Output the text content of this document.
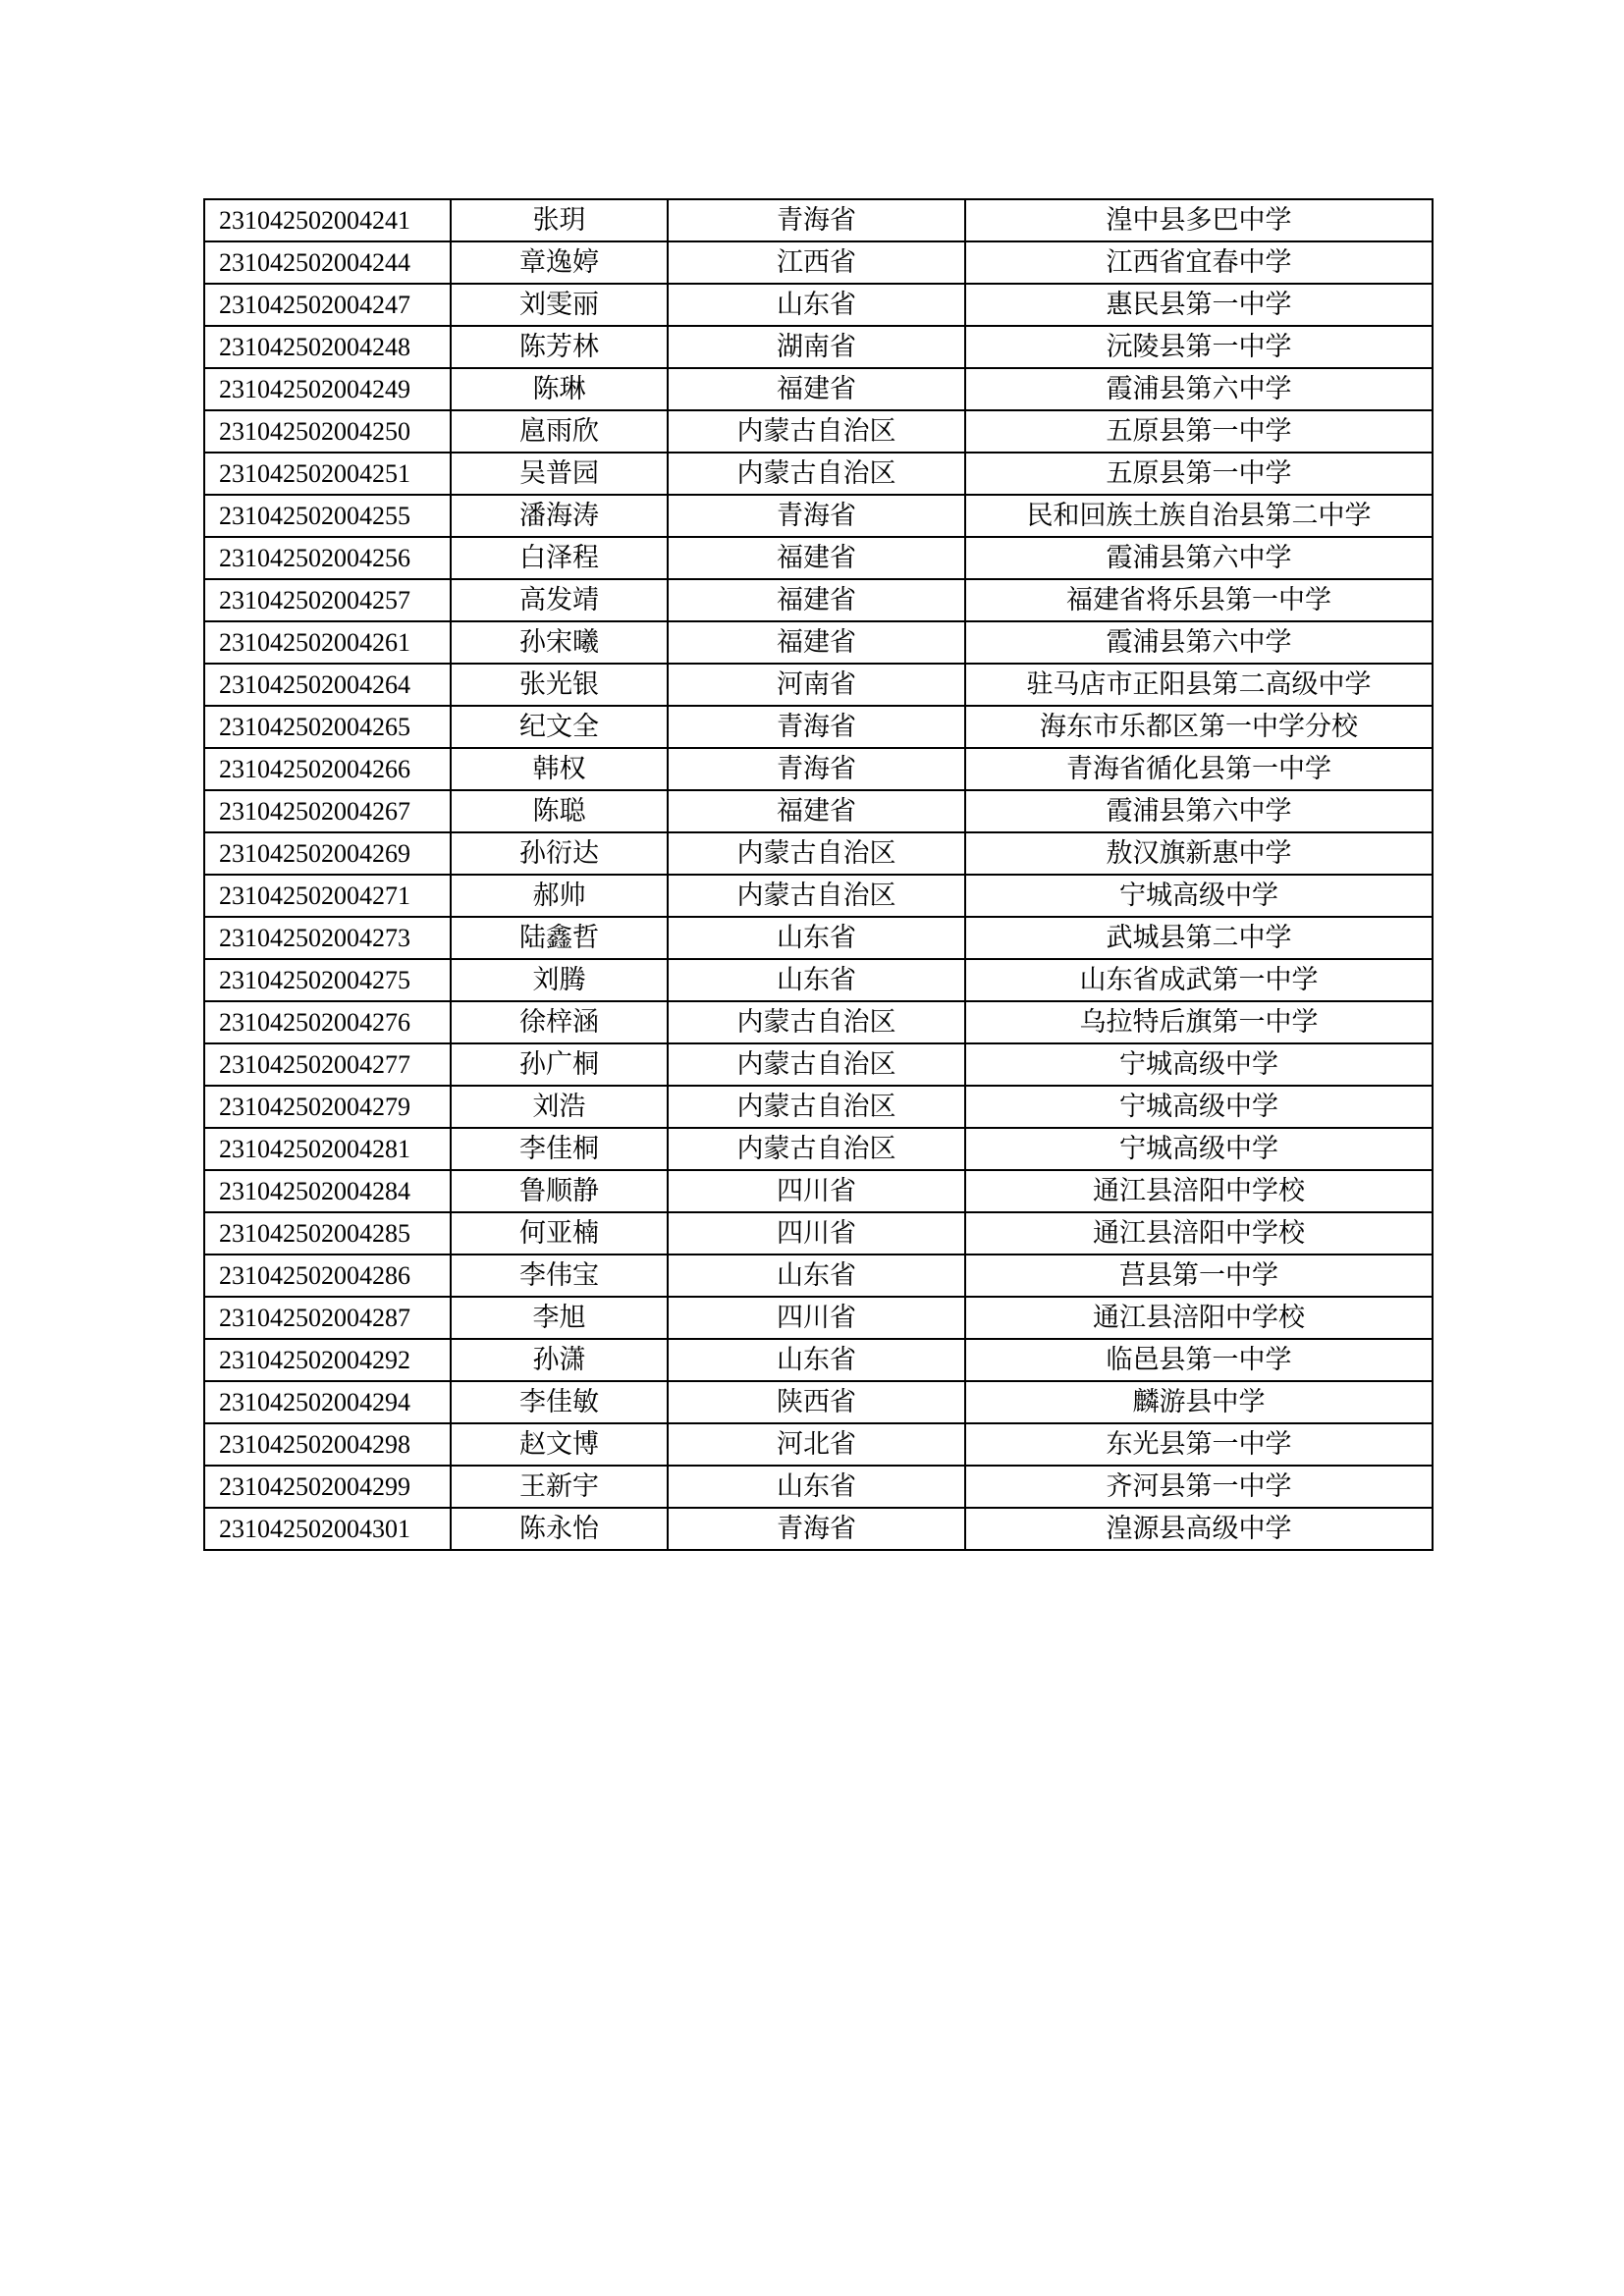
231042502004241	张玥	青海省	湟中县多巴中学
231042502004244	章逸婷	江西省	江西省宜春中学
231042502004247	刘雯丽	山东省	惠民县第一中学
231042502004248	陈芳林	湖南省	沅陵县第一中学
231042502004249	陈琳	福建省	霞浦县第六中学
231042502004250	扈雨欣	内蒙古自治区	五原县第一中学
231042502004251	吴普园	内蒙古自治区	五原县第一中学
231042502004255	潘海涛	青海省	民和回族土族自治县第二中学
231042502004256	白泽程	福建省	霞浦县第六中学
231042502004257	高发靖	福建省	福建省将乐县第一中学
231042502004261	孙宋曦	福建省	霞浦县第六中学
231042502004264	张光银	河南省	驻马店市正阳县第二高级中学
231042502004265	纪文全	青海省	海东市乐都区第一中学分校
231042502004266	韩权	青海省	青海省循化县第一中学
231042502004267	陈聪	福建省	霞浦县第六中学
231042502004269	孙衍达	内蒙古自治区	敖汉旗新惠中学
231042502004271	郝帅	内蒙古自治区	宁城高级中学
231042502004273	陆鑫哲	山东省	武城县第二中学
231042502004275	刘腾	山东省	山东省成武第一中学
231042502004276	徐梓涵	内蒙古自治区	乌拉特后旗第一中学
231042502004277	孙广桐	内蒙古自治区	宁城高级中学
231042502004279	刘浩	内蒙古自治区	宁城高级中学
231042502004281	李佳桐	内蒙古自治区	宁城高级中学
231042502004284	鲁顺静	四川省	通江县涪阳中学校
231042502004285	何亚楠	四川省	通江县涪阳中学校
231042502004286	李伟宝	山东省	莒县第一中学
231042502004287	李旭	四川省	通江县涪阳中学校
231042502004292	孙潇	山东省	临邑县第一中学
231042502004294	李佳敏	陕西省	麟游县中学
231042502004298	赵文博	河北省	东光县第一中学
231042502004299	王新宇	山东省	齐河县第一中学
231042502004301	陈永怡	青海省	湟源县高级中学
